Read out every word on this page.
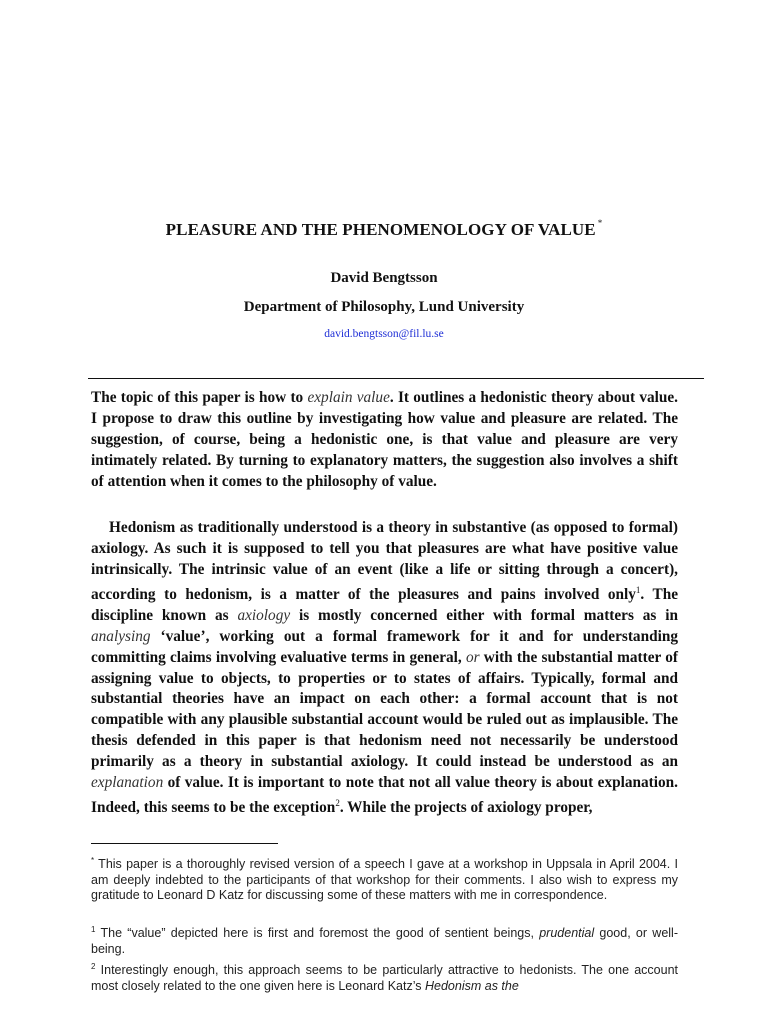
PLEASURE AND THE PHENOMENOLOGY OF VALUE *
David Bengtsson
Department of Philosophy, Lund University
david.bengtsson@fil.lu.se

The topic of this paper is how to explain value. It outlines a hedonistic theory about value. I propose to draw this outline by investigating how value and pleasure are related. The suggestion, of course, being a hedonistic one, is that value and pleasure are very intimately related. By turning to explanatory matters, the suggestion also involves a shift of attention when it comes to the philosophy of value.

Hedonism as traditionally understood is a theory in substantive (as opposed to formal) axiology. As such it is supposed to tell you that pleasures are what have positive value intrinsically. The intrinsic value of an event (like a life or sitting through a concert), according to hedonism, is a matter of the pleasures and pains involved only$^1$. The discipline known as axiology is mostly concerned either with formal matters as in analysing ‘value’, working out a formal framework for it and for understanding committing claims involving evaluative terms in general, or with the substantial matter of assigning value to objects, to properties or to states of affairs. Typically, formal and substantial theories have an impact on each other: a formal account that is not compatible with any plausible substantial account would be ruled out as implausible. The thesis defended in this paper is that hedonism need not necessarily be understood primarily as a theory in substantial axiology. It could instead be understood as an explanation of value. It is important to note that not all value theory is about explanation. Indeed, this seems to be the exception$^2$. While the projects of axiology proper,

* This paper is a thoroughly revised version of a speech I gave at a workshop in Uppsala in April 2004. I am deeply indebted to the participants of that workshop for their comments. I also wish to express my gratitude to Leonard D Katz for discussing some of these matters with me in correspondence.

$^1$ The “value” depicted here is first and foremost the good of sentient beings, prudential good, or well-being.

$^2$ Interestingly enough, this approach seems to be particularly attractive to hedonists. The one account most closely related to the one given here is Leonard Katz’s Hedonism as the
